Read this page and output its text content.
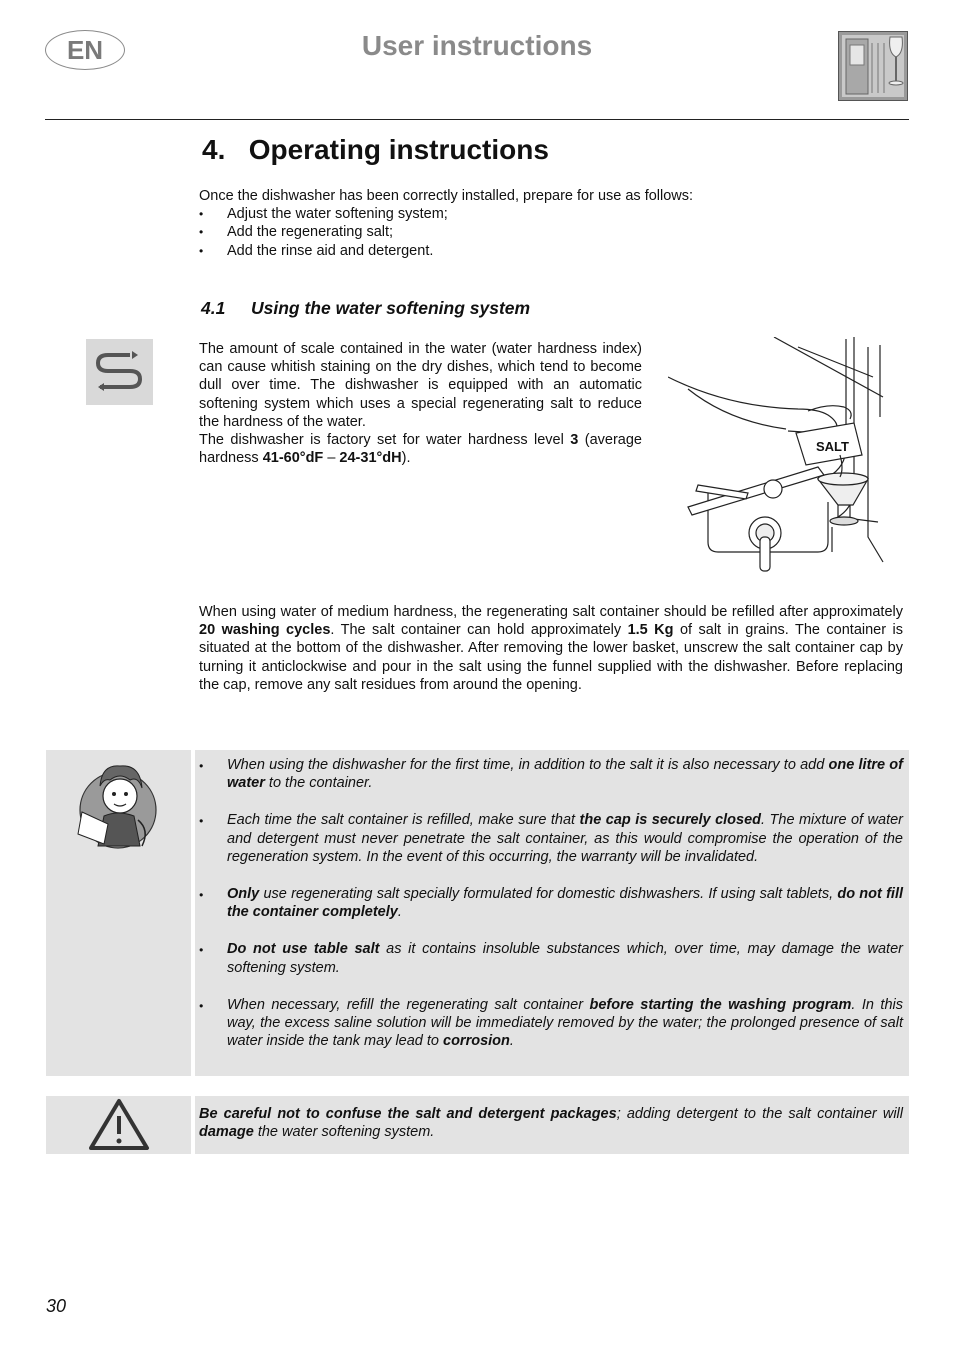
EN	User instructions
4.   Operating instructions
Once the dishwasher has been correctly installed, prepare for use as follows:
• Adjust the water softening system;
• Add the regenerating salt;
• Add the rinse aid and detergent.
4.1 Using the water softening system
The amount of scale contained in the water (water hardness index) can cause whitish staining on the dry dishes, which tend to become dull over time. The dishwasher is equipped with an automatic softening system which uses a special regenerating salt to reduce the hardness of the water.
The dishwasher is factory set for water hardness level 3 (average hardness 41-60°dF – 24-31°dH).
SALT
When using water of medium hardness, the regenerating salt container should be refilled after approximately 20 washing cycles. The salt container can hold approximately 1.5 Kg of salt in grains. The container is situated at the bottom of the dishwasher. After removing the lower basket, unscrew the salt container cap by turning it anticlockwise and pour in the salt using the funnel supplied with the dishwasher. Before replacing the cap, remove any salt residues from around the opening.
• When using the dishwasher for the first time, in addition to the salt it is also necessary to add one litre of water to the container.
• Each time the salt container is refilled, make sure that the cap is securely closed. The mixture of water and detergent must never penetrate the salt container, as this would compromise the operation of the regeneration system. In the event of this occurring, the warranty will be invalidated.
• Only use regenerating salt specially formulated for domestic dishwashers. If using salt tablets, do not fill the container completely.
• Do not use table salt as it contains insoluble substances which, over time, may damage the water softening system.
• When necessary, refill the regenerating salt container before starting the washing program. In this way, the excess saline solution will be immediately removed by the water; the prolonged presence of salt water inside the tank may lead to corrosion.
Be careful not to confuse the salt and detergent packages; adding detergent to the salt container will damage the water softening system.
30
